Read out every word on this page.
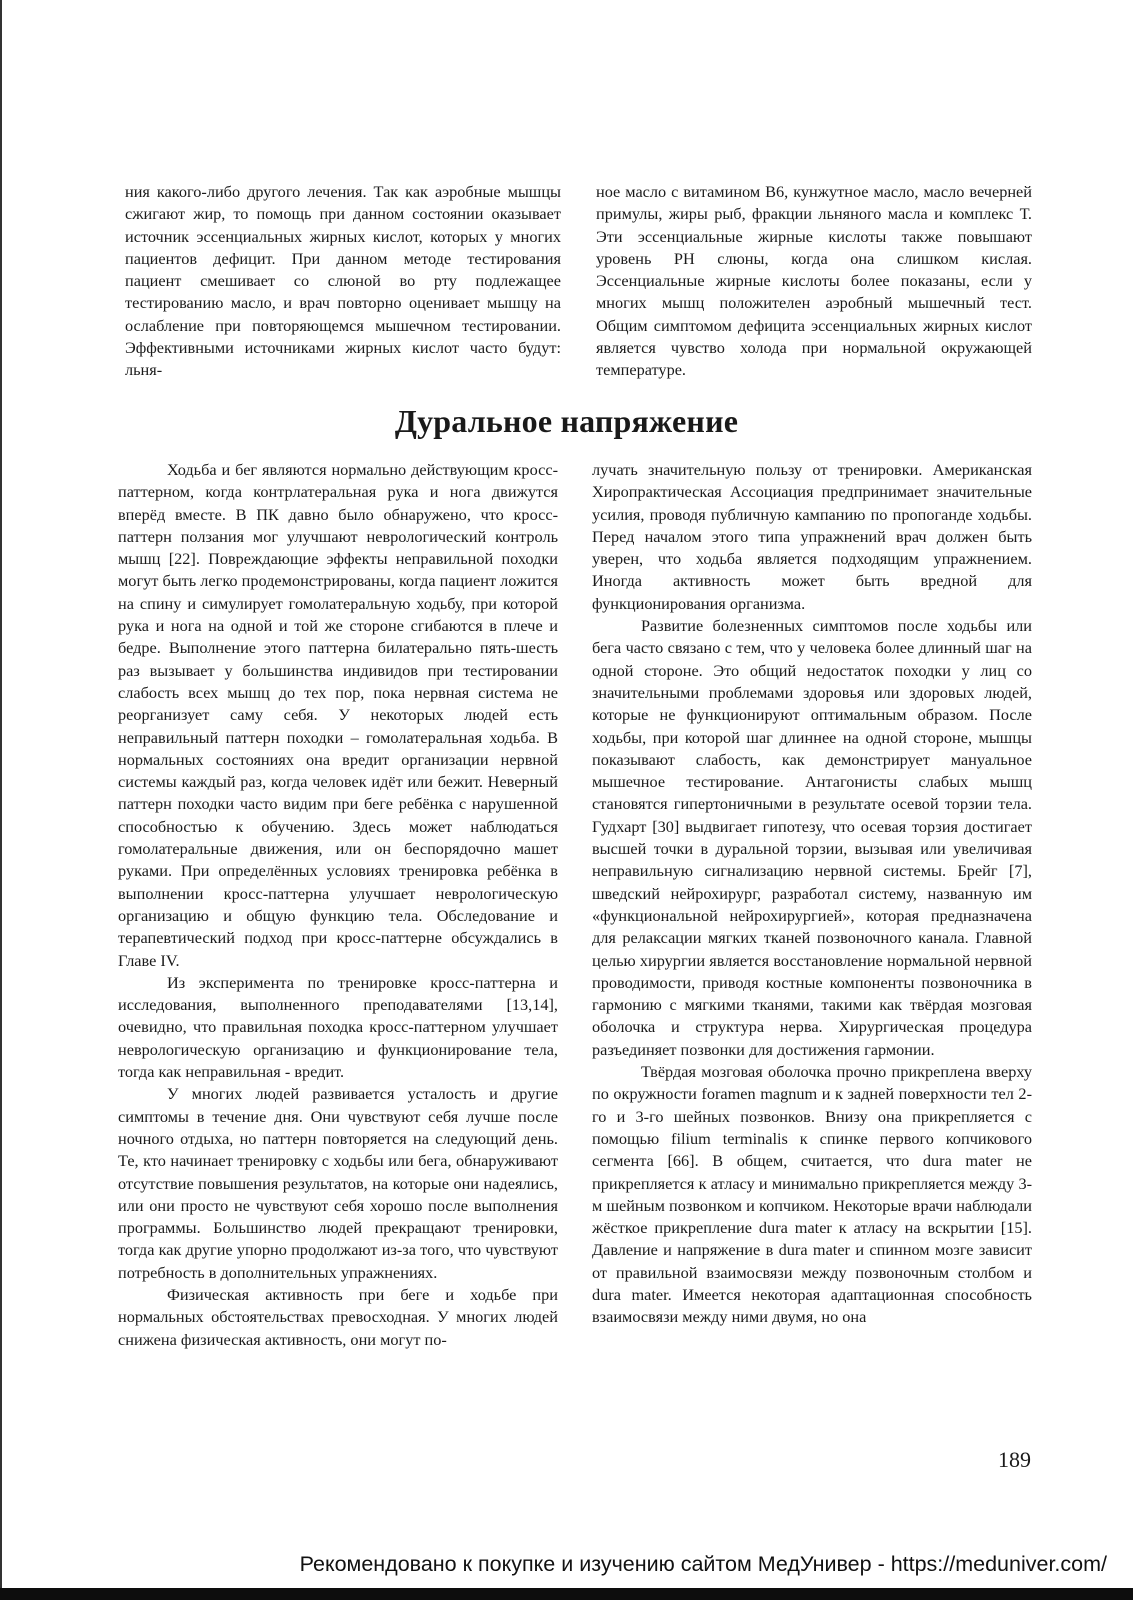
ния какого-либо другого лечения. Так как аэробные мышцы сжигают жир, то помощь при данном состоянии оказывает источник эссенциальных жирных кислот, которых у многих пациентов дефицит. При данном методе тестирования пациент смешивает со слюной во рту подлежащее тестированию масло, и врач повторно оценивает мышцу на ослабление при повторяющемся мышечном тестировании. Эффективными источниками жирных кислот часто будут: льня-

ное масло с витамином B6, кунжутное масло, масло вечерней примулы, жиры рыб, фракции льняного масла и комплекс Т. Эти эссенциальные жирные кислоты также повышают уровень PH слюны, когда она слишком кислая. Эссенциальные жирные кислоты более показаны, если у многих мышц положителен аэробный мышечный тест. Общим симптомом дефицита эссенциальных жирных кислот является чувство холода при нормальной окружающей температуре.

Дуральное напряжение

Ходьба и бег являются нормально действующим кросс-паттерном, когда контрлатеральная рука и нога движутся вперёд вместе. В ПК давно было обнаружено, что кросс-паттерн ползания мог улучшают неврологический контроль мышц [22]. Повреждающие эффекты неправильной походки могут быть легко продемонстрированы, когда пациент ложится на спину и симулирует гомолатеральную ходьбу, при которой рука и нога на одной и той же стороне сгибаются в плече и бедре. Выполнение этого паттерна билатерально пять-шесть раз вызывает у большинства индивидов при тестировании слабость всех мышц до тех пор, пока нервная система не реорганизует саму себя. У некоторых людей есть неправильный паттерн походки – гомолатеральная ходьба. В нормальных состояниях она вредит организации нервной системы каждый раз, когда человек идёт или бежит. Неверный паттерн походки часто видим при беге ребёнка с нарушенной способностью к обучению. Здесь может наблюдаться гомолатеральные движения, или он беспорядочно машет руками. При определённых условиях тренировка ребёнка в выполнении кросс-паттерна улучшает неврологическую организацию и общую функцию тела. Обследование и терапевтический подход при кросс-паттерне обсуждались в Главе IV.

Из эксперимента по тренировке кросс-паттерна и исследования, выполненного преподавателями [13,14], очевидно, что правильная походка кросс-паттерном улучшает неврологическую организацию и функционирование тела, тогда как неправильная - вредит.

У многих людей развивается усталость и другие симптомы в течение дня. Они чувствуют себя лучше после ночного отдыха, но паттерн повторяется на следующий день. Те, кто начинает тренировку с ходьбы или бега, обнаруживают отсутствие повышения результатов, на которые они надеялись, или они просто не чувствуют себя хорошо после выполнения программы. Большинство людей прекращают тренировки, тогда как другие упорно продолжают из-за того, что чувствуют потребность в дополнительных упражнениях.

Физическая активность при беге и ходьбе при нормальных обстоятельствах превосходная. У многих людей снижена физическая активность, они могут по-

лучать значительную пользу от тренировки. Американская Хиропрактическая Ассоциация предпринимает значительные усилия, проводя публичную кампанию по пропоганде ходьбы. Перед началом этого типа упражнений врач должен быть уверен, что ходьба является подходящим упражнением. Иногда активность может быть вредной для функционирования организма.

Развитие болезненных симптомов после ходьбы или бега часто связано с тем, что у человека более длинный шаг на одной стороне. Это общий недостаток походки у лиц со значительными проблемами здоровья или здоровых людей, которые не функционируют оптимальным образом. После ходьбы, при которой шаг длиннее на одной стороне, мышцы показывают слабость, как демонстрирует мануальное мышечное тестирование. Антагонисты слабых мышц становятся гипертоничными в результате осевой торзии тела. Гудхарт [30] выдвигает гипотезу, что осевая торзия достигает высшей точки в дуральной торзии, вызывая или увеличивая неправильную сигнализацию нервной системы. Брейг [7], шведский нейрохирург, разработал систему, названную им «функциональной нейрохирургией», которая предназначена для релаксации мягких тканей позвоночного канала. Главной целью хирургии является восстановление нормальной нервной проводимости, приводя костные компоненты позвоночника в гармонию с мягкими тканями, такими как твёрдая мозговая оболочка и структура нерва. Хирургическая процедура разъединяет позвонки для достижения гармонии.

Твёрдая мозговая оболочка прочно прикреплена вверху по окружности foramen magnum и к задней поверхности тел 2-го и 3-го шейных позвонков. Внизу она прикрепляется с помощью filium terminalis к спинке первого копчикового сегмента [66]. В общем, считается, что dura mater не прикрепляется к атласу и минимально прикрепляется между 3-м шейным позвонком и копчиком. Некоторые врачи наблюдали жёсткое прикрепление dura mater к атласу на вскрытии [15]. Давление и напряжение в dura mater и спинном мозге зависит от правильной взаимосвязи между позвоночным столбом и dura mater. Имеется некоторая адаптационная способность взаимосвязи между ними двумя, но она

189
Рекомендовано к покупке и изучению сайтом МедУнивер - https://meduniver.com/
